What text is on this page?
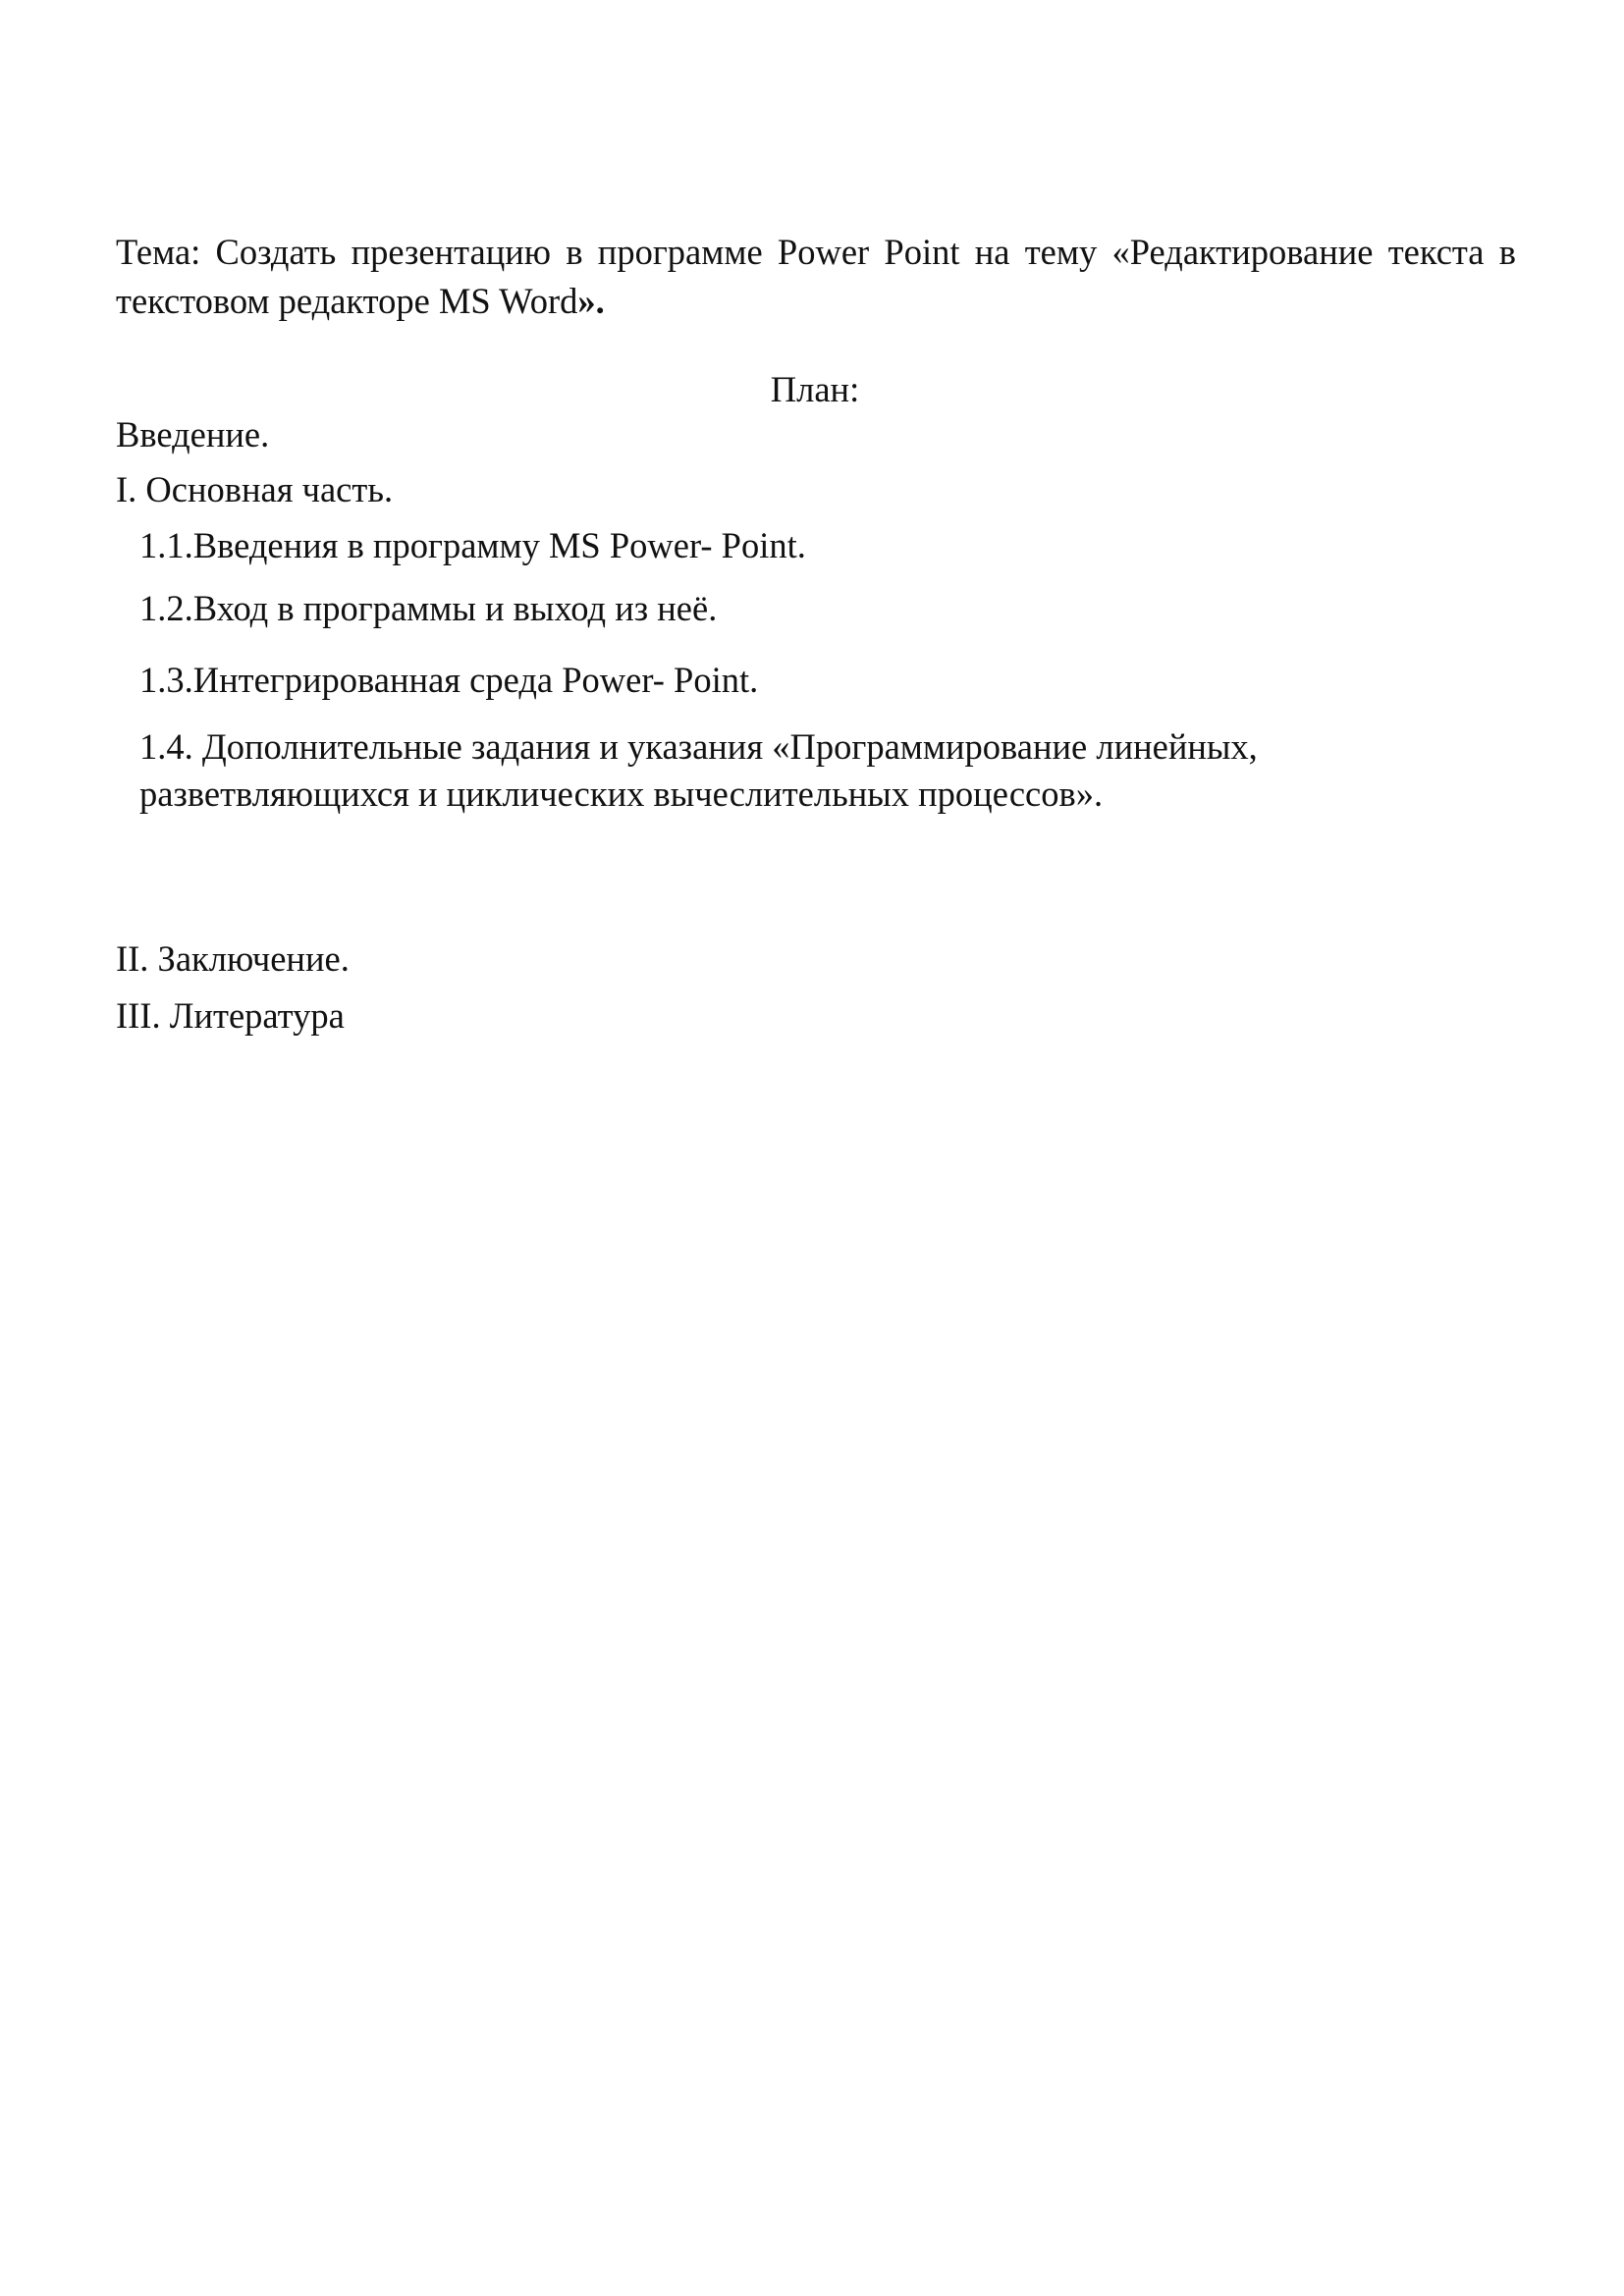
Тема: Создать презентацию в программе Power Point на тему «Редактирование текста в текстовом редакторе MS Word».
План:
Введение.
I. Основная часть.
1.1.Введения в программу MS Power- Point.
1.2.Вход в программы и выход из неё.
1.3.Интегрированная среда Power- Point.
1.4. Дополнительные задания и указания «Программирование линейных,
разветвляющихся и циклических вычеслительных процессов».
II. Заключение.
III. Литература
